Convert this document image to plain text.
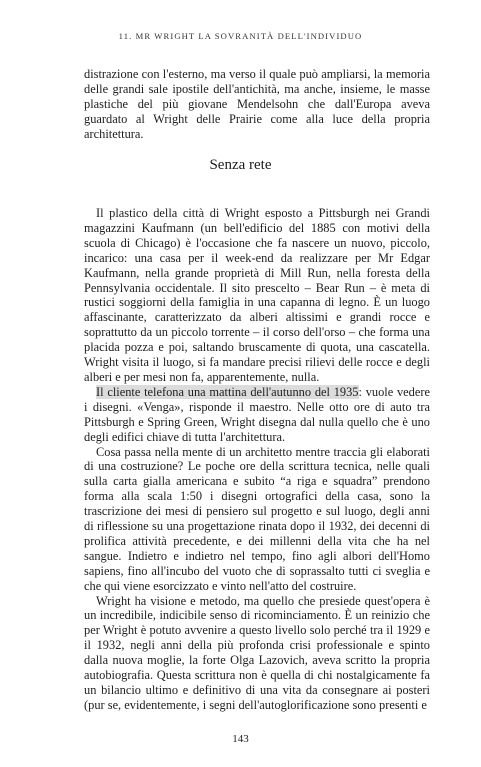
11. MR WRIGHT LA SOVRANITÀ DELL'INDIVIDUO

distrazione con l'esterno, ma verso il quale può ampliarsi, la memoria delle grandi sale ipostile dell'antichità, ma anche, insieme, le masse plastiche del più giovane Mendelsohn che dall'Europa aveva guardato al Wright delle Prairie come alla luce della propria architettura.

Senza rete

Il plastico della città di Wright esposto a Pittsburgh nei Grandi magazzini Kaufmann (un bell'edificio del 1885 con motivi della scuola di Chicago) è l'occasione che fa nascere un nuovo, piccolo, incarico: una casa per il week-end da realizzare per Mr Edgar Kaufmann, nella grande proprietà di Mill Run, nella foresta della Pennsylvania occidentale. Il sito prescelto – Bear Run – è meta di rustici soggiorni della famiglia in una capanna di legno. È un luogo affascinante, caratterizzato da alberi altissimi e grandi rocce e soprattutto da un piccolo torrente – il corso dell'orso – che forma una placida pozza e poi, saltando bruscamente di quota, una cascatella. Wright visita il luogo, si fa mandare precisi rilievi delle rocce e degli alberi e per mesi non fa, apparentemente, nulla.

Il cliente telefona una mattina dell'autunno del 1935: vuole vedere i disegni. «Venga», risponde il maestro. Nelle otto ore di auto tra Pittsburgh e Spring Green, Wright disegna dal nulla quello che è uno degli edifici chiave di tutta l'architettura.

Cosa passa nella mente di un architetto mentre traccia gli elaborati di una costruzione? Le poche ore della scrittura tecnica, nelle quali sulla carta gialla americana e subito “a riga e squadra” prendono forma alla scala 1:50 i disegni ortografici della casa, sono la trascrizione dei mesi di pensiero sul progetto e sul luogo, degli anni di riflessione su una progettazione rinata dopo il 1932, dei decenni di prolifica attività precedente, e dei millenni della vita che ha nel sangue. Indietro e indietro nel tempo, fino agli albori dell'Homo sapiens, fino all'incubo del vuoto che di soprassalto tutti ci sveglia e che qui viene esorcizzato e vinto nell'atto del costruire.

Wright ha visione e metodo, ma quello che presiede quest'opera è un incredibile, indicibile senso di ricominciamento. È un reinizio che per Wright è potuto avvenire a questo livello solo perché tra il 1929 e il 1932, negli anni della più profonda crisi professionale e spinto dalla nuova moglie, la forte Olga Lazovich, aveva scritto la propria autobiografia. Questa scrittura non è quella di chi nostalgicamente fa un bilancio ultimo e definitivo di una vita da consegnare ai posteri (pur se, evidentemente, i segni dell'autoglorificazione sono presenti e

143
